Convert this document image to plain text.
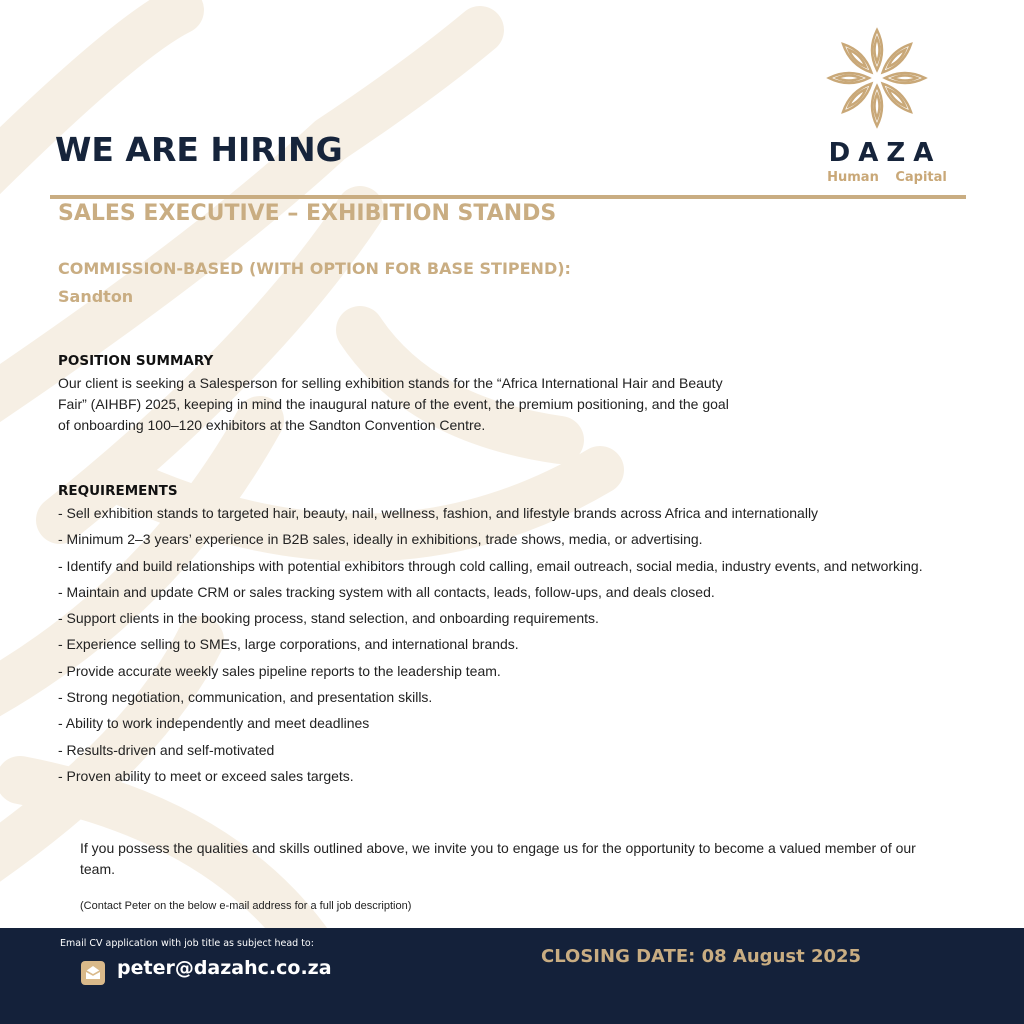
WE ARE HIRING	DAZA
Human Capital
SALES EXECUTIVE – EXHIBITION STANDS

COMMISSION-BASED (WITH OPTION FOR BASE STIPEND):

Sandton

POSITION SUMMARY

Our client is seeking a Salesperson for selling exhibition stands for the “Africa International Hair and Beauty Fair” (AIHBF) 2025, keeping in mind the inaugural nature of the event, the premium positioning, and the goal of onboarding 100–120 exhibitors at the Sandton Convention Centre.

REQUIREMENTS
- Sell exhibition stands to targeted hair, beauty, nail, wellness, fashion, and lifestyle brands across Africa and internationally
- Minimum 2–3 years’ experience in B2B sales, ideally in exhibitions, trade shows, media, or advertising.
- Identify and build relationships with potential exhibitors through cold calling, email outreach, social media, industry events, and networking.
- Maintain and update CRM or sales tracking system with all contacts, leads, follow-ups, and deals closed.
- Support clients in the booking process, stand selection, and onboarding requirements.
- Experience selling to SMEs, large corporations, and international brands.
- Provide accurate weekly sales pipeline reports to the leadership team.
- Strong negotiation, communication, and presentation skills.
- Ability to work independently and meet deadlines
- Results-driven and self-motivated
- Proven ability to meet or exceed sales targets.

If you possess the qualities and skills outlined above, we invite you to engage us for the opportunity to become a valued member of our team.

(Contact Peter on the below e-mail address for a full job description)

Email CV application with job title as subject head to:

peter@dazahc.co.za

CLOSING DATE: 08 August 2025
